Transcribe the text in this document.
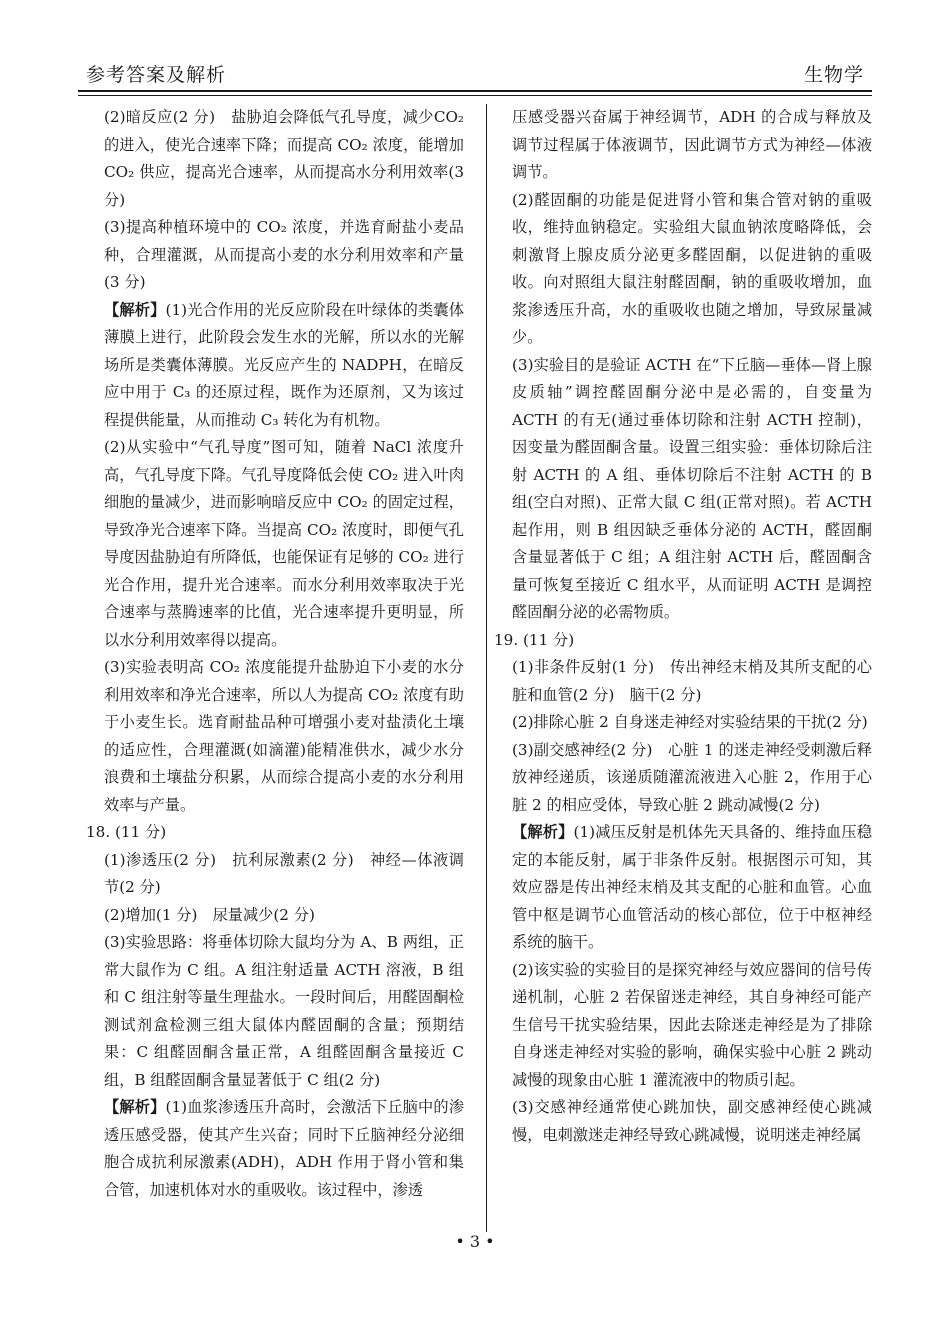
参考答案及解析	生物学

(2)暗反应(2 分)　盐胁迫会降低气孔导度，减少CO₂ 的进入，使光合速率下降；而提高 CO₂ 浓度，能增加 CO₂ 供应，提高光合速率，从而提高水分利用效率(3 分)

(3)提高种植环境中的 CO₂ 浓度，并选育耐盐小麦品种，合理灌溉，从而提高小麦的水分利用效率和产量(3 分)

【解析】(1)光合作用的光反应阶段在叶绿体的类囊体薄膜上进行，此阶段会发生水的光解，所以水的光解场所是类囊体薄膜。光反应产生的 NADPH，在暗反应中用于 C₃ 的还原过程，既作为还原剂，又为该过程提供能量，从而推动 C₃ 转化为有机物。

(2)从实验中“气孔导度”图可知，随着 NaCl 浓度升高，气孔导度下降。气孔导度降低会使 CO₂ 进入叶肉细胞的量减少，进而影响暗反应中 CO₂ 的固定过程，导致净光合速率下降。当提高 CO₂ 浓度时，即便气孔导度因盐胁迫有所降低，也能保证有足够的 CO₂ 进行光合作用，提升光合速率。而水分利用效率取决于光合速率与蒸腾速率的比值，光合速率提升更明显，所以水分利用效率得以提高。

(3)实验表明高 CO₂ 浓度能提升盐胁迫下小麦的水分利用效率和净光合速率，所以人为提高 CO₂ 浓度有助于小麦生长。选育耐盐品种可增强小麦对盐渍化土壤的适应性，合理灌溉(如滴灌)能精准供水，减少水分浪费和土壤盐分积累，从而综合提高小麦的水分利用效率与产量。

18. (11 分)

(1)渗透压(2 分)　抗利尿激素(2 分)　神经—体液调节(2 分)

(2)增加(1 分)　尿量减少(2 分)

(3)实验思路：将垂体切除大鼠均分为 A、B 两组，正常大鼠作为 C 组。A 组注射适量 ACTH 溶液，B 组和 C 组注射等量生理盐水。一段时间后，用醛固酮检测试剂盒检测三组大鼠体内醛固酮的含量；预期结果：C 组醛固酮含量正常，A 组醛固酮含量接近 C 组，B 组醛固酮含量显著低于 C 组(2 分)

【解析】(1)血浆渗透压升高时，会激活下丘脑中的渗透压感受器，使其产生兴奋；同时下丘脑神经分泌细胞合成抗利尿激素(ADH)，ADH 作用于肾小管和集合管，加速机体对水的重吸收。该过程中，渗透

压感受器兴奋属于神经调节，ADH 的合成与释放及调节过程属于体液调节，因此调节方式为神经—体液调节。

(2)醛固酮的功能是促进肾小管和集合管对钠的重吸收，维持血钠稳定。实验组大鼠血钠浓度略降低，会刺激肾上腺皮质分泌更多醛固酮，以促进钠的重吸收。向对照组大鼠注射醛固酮，钠的重吸收增加，血浆渗透压升高，水的重吸收也随之增加，导致尿量减少。

(3)实验目的是验证 ACTH 在“下丘脑—垂体—肾上腺皮质轴”调控醛固酮分泌中是必需的，自变量为 ACTH 的有无(通过垂体切除和注射 ACTH 控制)，因变量为醛固酮含量。设置三组实验：垂体切除后注射 ACTH 的 A 组、垂体切除后不注射 ACTH 的 B 组(空白对照)、正常大鼠 C 组(正常对照)。若 ACTH 起作用，则 B 组因缺乏垂体分泌的 ACTH，醛固酮含量显著低于 C 组；A 组注射 ACTH 后，醛固酮含量可恢复至接近 C 组水平，从而证明 ACTH 是调控醛固酮分泌的必需物质。

19. (11 分)

(1)非条件反射(1 分)　传出神经末梢及其所支配的心脏和血管(2 分)　脑干(2 分)

(2)排除心脏 2 自身迷走神经对实验结果的干扰(2 分)

(3)副交感神经(2 分)　心脏 1 的迷走神经受刺激后释放神经递质，该递质随灌流液进入心脏 2，作用于心脏 2 的相应受体，导致心脏 2 跳动减慢(2 分)

【解析】(1)减压反射是机体先天具备的、维持血压稳定的本能反射，属于非条件反射。根据图示可知，其效应器是传出神经末梢及其支配的心脏和血管。心血管中枢是调节心血管活动的核心部位，位于中枢神经系统的脑干。

(2)该实验的实验目的是探究神经与效应器间的信号传递机制，心脏 2 若保留迷走神经，其自身神经可能产生信号干扰实验结果，因此去除迷走神经是为了排除自身迷走神经对实验的影响，确保实验中心脏 2 跳动减慢的现象由心脏 1 灌流液中的物质引起。

(3)交感神经通常使心跳加快，副交感神经使心跳减慢，电刺激迷走神经导致心跳减慢，说明迷走神经属

• 3 •
